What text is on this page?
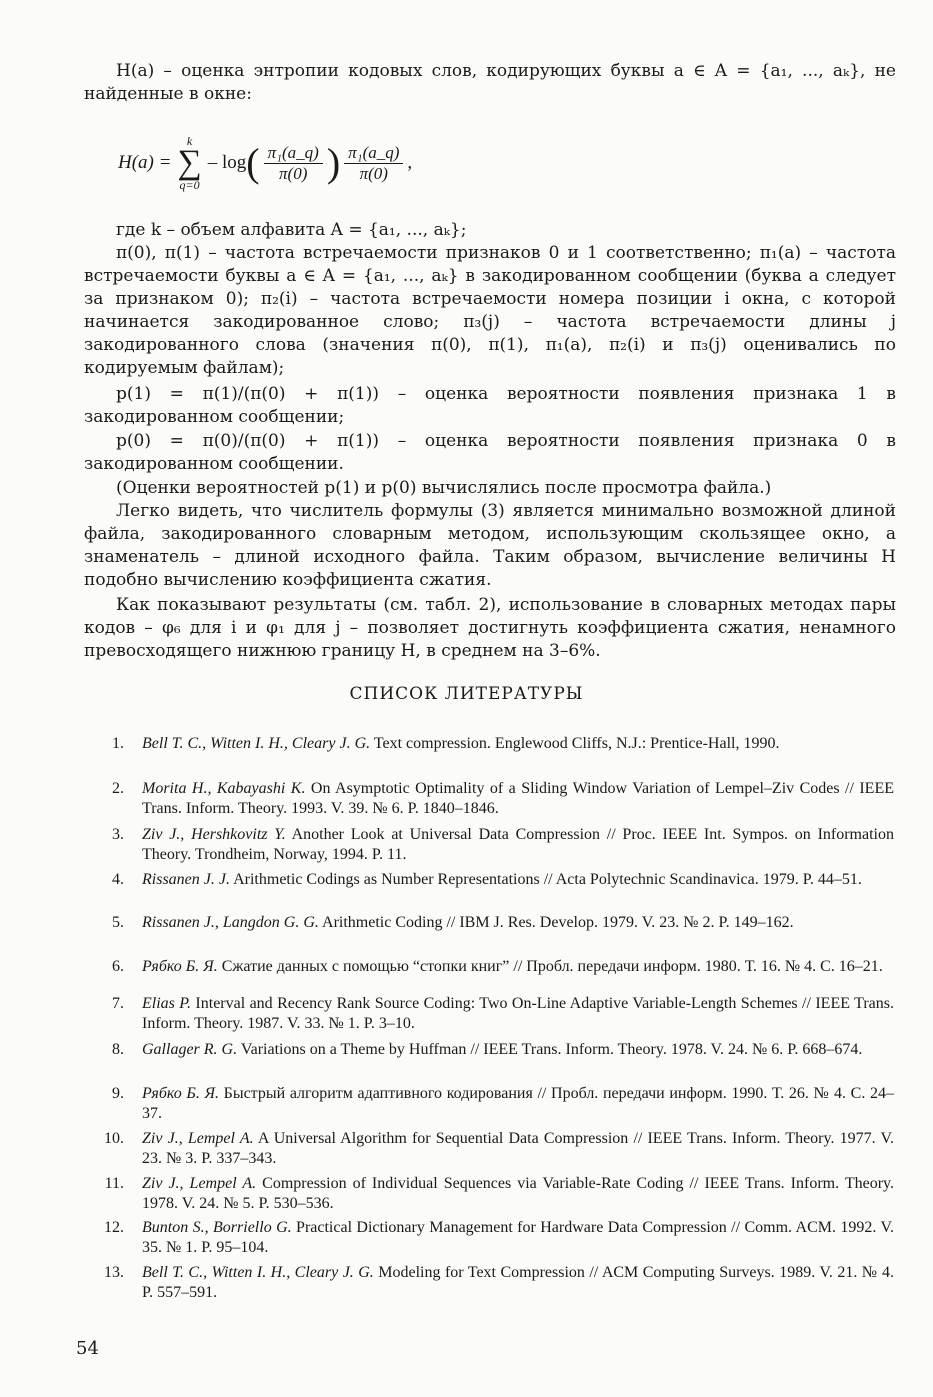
H(a) – оценка энтропии кодовых слов, кодирующих буквы a ∈ A = {a₁, ..., aₖ}, не найденные в окне:

H(a) =
k
∑
q=0
– log ( $\frac{\text{π₁(a\_q)}}{\pi(0)}$ ) $\frac{\text{π₁(a\_q)}}{\pi(0)}$ ,

где k – объем алфавита A = {a₁, ..., aₖ};

π(0), π(1) – частота встречаемости признаков 0 и 1 соответственно; π₁(a) – частота встречаемости буквы a ∈ A = {a₁, ..., aₖ} в закодированном сообщении (буква a следует за признаком 0); π₂(i) – частота встречаемости номера позиции i окна, с которой начинается закодированное слово; π₃(j) – частота встречаемости длины j закодированного слова (значения π(0), π(1), π₁(a), π₂(i) и π₃(j) оценивались по кодируемым файлам);

p(1) = π(1)/(π(0) + π(1)) – оценка вероятности появления признака 1 в закодированном сообщении;

p(0) = π(0)/(π(0) + π(1)) – оценка вероятности появления признака 0 в закодированном сообщении.

(Оценки вероятностей p(1) и p(0) вычислялись после просмотра файла.)

Легко видеть, что числитель формулы (3) является минимально возможной длиной файла, закодированного словарным методом, использующим скользящее окно, а знаменатель – длиной исходного файла. Таким образом, вычисление величины H подобно вычислению коэффициента сжатия.

Как показывают результаты (см. табл. 2), использование в словарных методах пары кодов – φ₆ для i и φ₁ для j – позволяет достигнуть коэффициента сжатия, ненамного превосходящего нижнюю границу H, в среднем на 3–6%.

СПИСОК ЛИТЕРАТУРЫ
1. Bell T. C., Witten I. H., Cleary J. G. Text compression. Englewood Cliffs, N.J.: Prentice-Hall, 1990.
2. Morita H., Kabayashi K. On Asymptotic Optimality of a Sliding Window Variation of Lempel–Ziv Codes // IEEE Trans. Inform. Theory. 1993. V. 39. № 6. P. 1840–1846.
3. Ziv J., Hershkovitz Y. Another Look at Universal Data Compression // Proc. IEEE Int. Sympos. on Information Theory. Trondheim, Norway, 1994. P. 11.
4. Rissanen J. J. Arithmetic Codings as Number Representations // Acta Polytechnic Scandinavica. 1979. P. 44–51.
5. Rissanen J., Langdon G. G. Arithmetic Coding // IBM J. Res. Develop. 1979. V. 23. № 2. P. 149–162.
6. Рябко Б. Я. Сжатие данных с помощью “стопки книг” // Пробл. передачи информ. 1980. Т. 16. № 4. С. 16–21.
7. Elias P. Interval and Recency Rank Source Coding: Two On-Line Adaptive Variable-Length Schemes // IEEE Trans. Inform. Theory. 1987. V. 33. № 1. P. 3–10.
8. Gallager R. G. Variations on a Theme by Huffman // IEEE Trans. Inform. Theory. 1978. V. 24. № 6. P. 668–674.
9. Рябко Б. Я. Быстрый алгоритм адаптивного кодирования // Пробл. передачи информ. 1990. Т. 26. № 4. С. 24–37.
10. Ziv J., Lempel A. A Universal Algorithm for Sequential Data Compression // IEEE Trans. Inform. Theory. 1977. V. 23. № 3. P. 337–343.
11. Ziv J., Lempel A. Compression of Individual Sequences via Variable-Rate Coding // IEEE Trans. Inform. Theory. 1978. V. 24. № 5. P. 530–536.
12. Bunton S., Borriello G. Practical Dictionary Management for Hardware Data Compression // Comm. ACM. 1992. V. 35. № 1. P. 95–104.
13. Bell T. C., Witten I. H., Cleary J. G. Modeling for Text Compression // ACM Computing Surveys. 1989. V. 21. № 4. P. 557–591.
54
